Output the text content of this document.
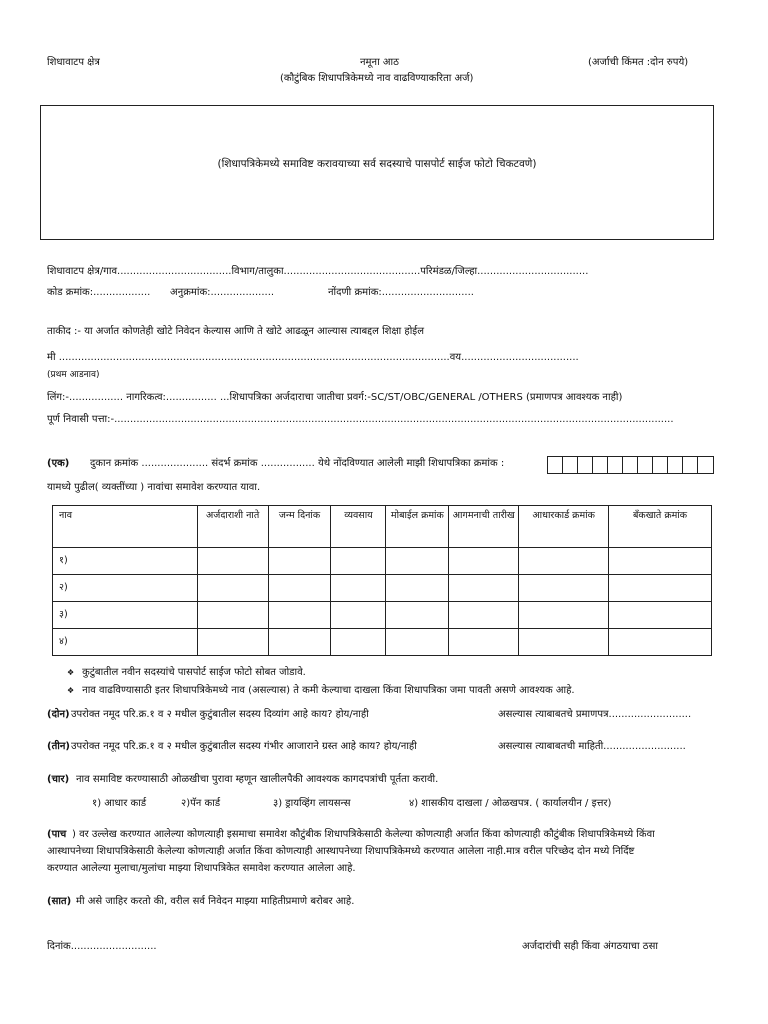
शिधावाटप क्षेत्र	नमूना आठ
(कौटुंबिक शिधापत्रिकेमध्ये नाव वाढविण्याकरिता अर्ज)
(अर्जाची किंमत :दोन रुपये)
(शिधापत्रिकेमध्ये समाविष्ट करावयाच्या सर्व सदस्याचे पासपोर्ट साईज फोटो चिकटवणे)
शिधावाटप क्षेत्र/गाव....................................विभाग/तालुका...........................................परिमंडळ/जिल्हा...................................
कोड क्रमांक:.................. अनुक्रमांक:....................	नोंदणी क्रमांक:.............................
ताकीद :- या अर्जात कोणतेही खोटे निवेदन केल्यास आणि ते खोटे आढळून आल्यास त्याबद्दल शिक्षा होईल
मी ...........................................................................................................................वय.....................................
(प्रथम आडनाव)
लिंग:-................. नागरिकत्व:................ ...शिधापत्रिका अर्जदाराचा जातीचा प्रवर्ग:-SC/ST/OBC/GENERAL /OTHERS (प्रमाणपत्र आवश्यक नाही)
पूर्ण निवासी पत्ता:-................................................................................................................................................................................
(एक) दुकान क्रमांक ..................... संदर्भ क्रमांक ................. येथे नोंदविण्यात आलेली माझी शिधापत्रिका क्रमांक :
यामध्ये पुढील( व्यक्तींच्या ) नावांचा समावेश करण्यात यावा.
नाव	अर्जदाराशी नाते	जन्म दिनांक	व्यवसाय	मोबाईल क्रमांक	आगमनाची तारीख	आधारकार्ड क्रमांक	बँकखाते क्रमांक
१)							
२)							
३)							
४)							
❖ कुटुंबातील नवीन सदस्यांचे पासपोर्ट साईज फोटो सोबत जोडावे.
❖ नाव वाढविण्यासाठी इतर शिधापत्रिकेमध्ये नाव (असल्यास) ते कमी केल्याचा दाखला किंवा शिधापत्रिका जमा पावती असणे आवश्यक आहे.
(दोन) उपरोक्त नमूद परि.क्र.१ व २ मधील कुटुंबातील सदस्य दिव्यांग आहे काय? होय/नाही	असल्यास त्याबाबतचे प्रमाणपत्र..........................
(तीन) उपरोक्त नमूद परि.क्र.१ व २ मधील कुटुंबातील सदस्य गंभीर आजाराने ग्रस्त आहे काय? होय/नाही	असल्यास त्याबाबतची माहिती..........................
(चार) नाव समाविष्ट करण्यासाठी ओळखीचा पुरावा म्हणून खालीलपैकी आवश्यक कागदपत्रांची पूर्तता करावी.
१) आधार कार्ड	२)पॅन कार्ड	३) ड्रायव्हिंग लायसन्स	४) शासकीय दाखला / ओळखपत्र. ( कार्यालयीन / इत्तर)
(पाच ) वर उल्लेख करण्यात आलेल्या कोणत्याही इसमाचा समावेश कौटुंबीक शिधापत्रिकेसाठी केलेल्या कोणत्याही अर्जात किंवा कोणत्याही कौटुंबीक शिधापत्रिकेमध्ये किंवा
आस्थापनेच्या शिधापत्रिकेसाठी केलेल्या कोणत्याही अर्जात किंवा कोणत्याही आस्थापनेच्या शिधापत्रिकेमध्ये करण्यात आलेला नाही.मात्र वरील परिच्छेद दोन मध्ये निर्दिष्ट
करण्यात आलेल्या मुलाचा/मुलांचा माझ्या शिधापत्रिकेत समावेश करण्यात आलेला आहे.
(सात) मी असे जाहिर करतो की, वरील सर्व निवेदन माझ्या माहितीप्रमाणे बरोबर आहे.
दिनांक...........................	अर्जदारांची सही किंवा अंगठयाचा ठसा
